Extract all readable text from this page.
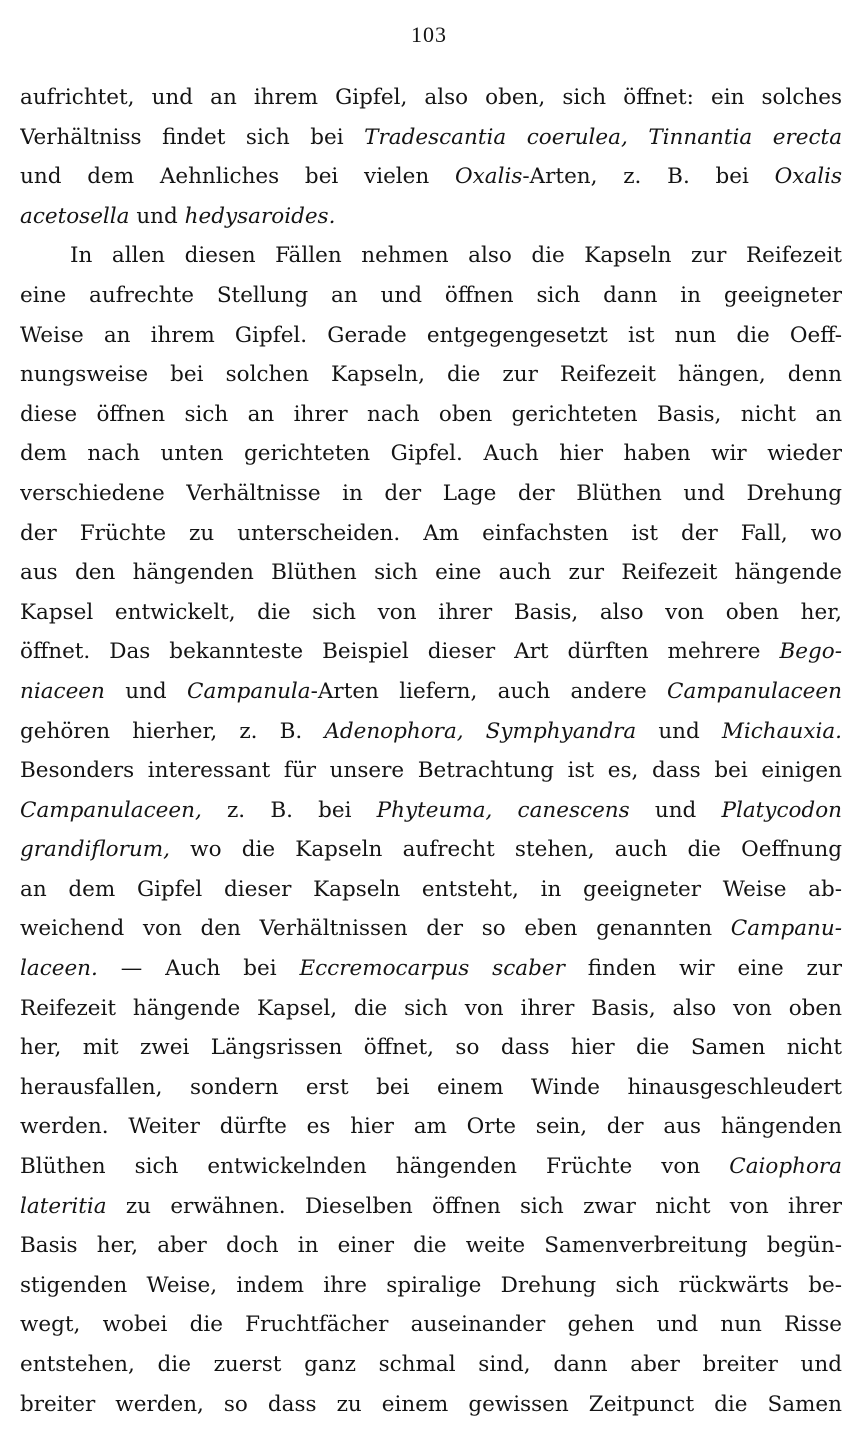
103
aufrichtet, und an ihrem Gipfel, also oben, sich öffnet: ein solches
Verhältniss findet sich bei Tradescantia coerulea, Tinnantia erecta
und dem Aehnliches bei vielen Oxalis-Arten, z. B. bei Oxalis
acetosella und hedysaroides.
In allen diesen Fällen nehmen also die Kapseln zur Reifezeit
eine aufrechte Stellung an und öffnen sich dann in geeigneter
Weise an ihrem Gipfel. Gerade entgegengesetzt ist nun die Oeff-
nungsweise bei solchen Kapseln, die zur Reifezeit hängen, denn
diese öffnen sich an ihrer nach oben gerichteten Basis, nicht an
dem nach unten gerichteten Gipfel. Auch hier haben wir wieder
verschiedene Verhältnisse in der Lage der Blüthen und Drehung
der Früchte zu unterscheiden. Am einfachsten ist der Fall, wo
aus den hängenden Blüthen sich eine auch zur Reifezeit hängende
Kapsel entwickelt, die sich von ihrer Basis, also von oben her,
öffnet. Das bekannteste Beispiel dieser Art dürften mehrere Bego-
niaceen und Campanula-Arten liefern, auch andere Campanulaceen
gehören hierher, z. B. Adenophora, Symphyandra und Michauxia.
Besonders interessant für unsere Betrachtung ist es, dass bei einigen
Campanulaceen, z. B. bei Phyteuma, canescens und Platycodon
grandiflorum, wo die Kapseln aufrecht stehen, auch die Oeffnung
an dem Gipfel dieser Kapseln entsteht, in geeigneter Weise ab-
weichend von den Verhältnissen der so eben genannten Campanu-
laceen. — Auch bei Eccremocarpus scaber finden wir eine zur
Reifezeit hängende Kapsel, die sich von ihrer Basis, also von oben
her, mit zwei Längsrissen öffnet, so dass hier die Samen nicht
herausfallen, sondern erst bei einem Winde hinausgeschleudert
werden. Weiter dürfte es hier am Orte sein, der aus hängenden
Blüthen sich entwickelnden hängenden Früchte von Caiophora
lateritia zu erwähnen. Dieselben öffnen sich zwar nicht von ihrer
Basis her, aber doch in einer die weite Samenverbreitung begün-
stigenden Weise, indem ihre spiralige Drehung sich rückwärts be-
wegt, wobei die Fruchtfächer auseinander gehen und nun Risse
entstehen, die zuerst ganz schmal sind, dann aber breiter und
breiter werden, so dass zu einem gewissen Zeitpunct die Samen
